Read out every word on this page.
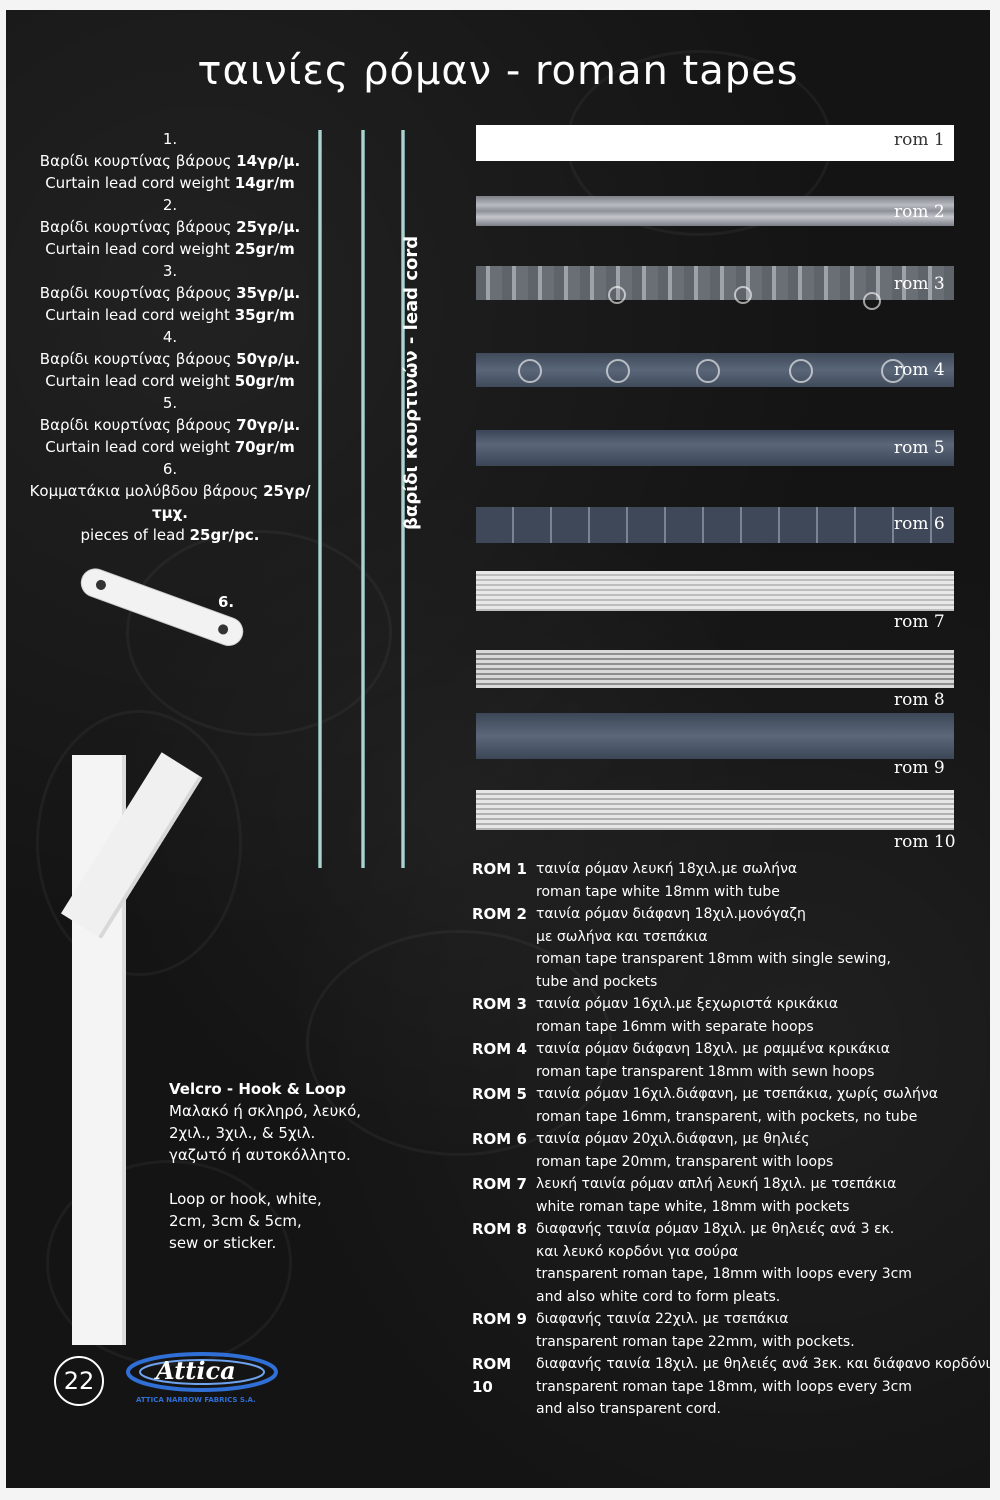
ταινίες ρόμαν - roman tapes
1.
Βαρίδι κουρτίνας βάρους 14γρ/μ.
Curtain lead cord weight 14gr/m
2.
Βαρίδι κουρτίνας βάρους 25γρ/μ.
Curtain lead cord weight 25gr/m
3.
Βαρίδι κουρτίνας βάρους 35γρ/μ.
Curtain lead cord weight 35gr/m
4.
Βαρίδι κουρτίνας βάρους 50γρ/μ.
Curtain lead cord weight 50gr/m
5.
Βαρίδι κουρτίνας βάρους 70γρ/μ.
Curtain lead cord weight 70gr/m
6.
Κομματάκια μολύβδου βάρους 25γρ/τμχ.
pieces of lead 25gr/pc.
6.
βαρίδι κουρτινών - lead cord
rom 1
rom 2
rom 3
rom 4
rom 5
rom 6
rom 7
rom 8
rom 9
rom 10
ROM 1 ταινία ρόμαν λευκή 18χιλ.με σωλήνα
roman tape white 18mm with tube
ROM 2 ταινία ρόμαν διάφανη 18χιλ.μονόγαζη
με σωλήνα και τσεπάκια
roman tape transparent 18mm with single sewing,
tube and pockets
ROM 3 ταινία ρόμαν 16χιλ.με ξεχωριστά κρικάκια
roman tape 16mm with separate hoops
ROM 4 ταινία ρόμαν διάφανη 18χιλ. με ραμμένα κρικάκια
roman tape transparent 18mm with sewn hoops
ROM 5 ταινία ρόμαν 16χιλ.διάφανη, με τσεπάκια, χωρίς σωλήνα
roman tape 16mm, transparent, with pockets, no tube
ROM 6 ταινία ρόμαν 20χιλ.διάφανη, με θηλιές
roman tape 20mm, transparent with loops
ROM 7 λευκή ταινία ρόμαν απλή λευκή 18χιλ. με τσεπάκια
white roman tape white, 18mm with pockets
ROM 8 διαφανής ταινία ρόμαν 18χιλ. με θηλειές ανά 3 εκ.
και λευκό κορδόνι για σούρα
transparent roman tape, 18mm with loops every 3cm
and also white cord to form pleats.
ROM 9 διαφανής ταινία 22χιλ. με τσεπάκια
transparent roman tape 22mm, with pockets.
ROM 10
διαφανής ταινία 18χιλ. με θηλειές ανά 3εκ. και διάφανο κορδόνι
transparent roman tape 18mm, with loops every 3cm
and also transparent cord.
Velcro - Hook & Loop
Μαλακό ή σκληρό, λευκό,
2χιλ., 3χιλ., & 5χιλ.
γαζωτό ή αυτοκόλλητο.
Loop or hook, white,
2cm, 3cm & 5cm,
sew or sticker.
22	Attica
ATTICA NARROW FABRICS S.A.
